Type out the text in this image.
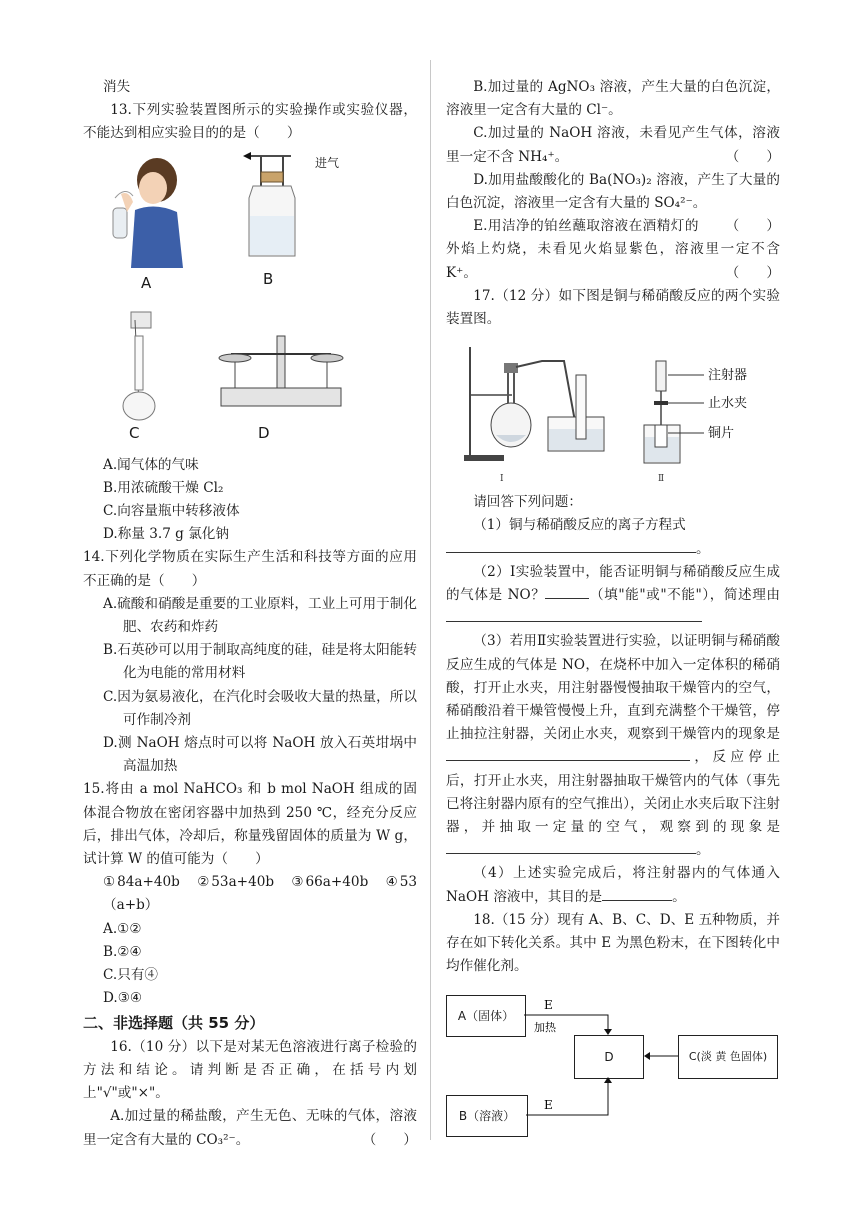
消失

13.下列实验装置图所示的实验操作或实验仪器，不能达到相应实验目的的是（　　）

A
进气
B
C	D

A.闻气体的气味

B.用浓硫酸干燥 Cl₂

C.向容量瓶中转移液体

D.称量 3.7 g 氯化钠

14.下列化学物质在实际生产生活和科技等方面的应用不正确的是（　　）

A.硫酸和硝酸是重要的工业原料，工业上可用于制化肥、农药和炸药

B.石英砂可以用于制取高纯度的硅，硅是将太阳能转化为电能的常用材料

C.因为氨易液化，在汽化时会吸收大量的热量，所以可作制冷剂

D.测 NaOH 熔点时可以将 NaOH 放入石英坩埚中高温加热

15.将由 a mol NaHCO₃ 和 b mol NaOH 组成的固体混合物放在密闭容器中加热到 250 ℃，经充分反应后，排出气体，冷却后，称量残留固体的质量为 W g，试计算 W 的值可能为（　　）

①84a+40b　②53a+40b　③66a+40b　④53（a+b）

A.①②

B.②④

C.只有④

D.③④

二、非选择题（共 55 分）

16.（10 分）以下是对某无色溶液进行离子检验的方法和结论。请判断是否正确，在括号内划上"√"或"×"。

A.加过量的稀盐酸，产生无色、无味的气体，溶液里一定含有大量的 CO₃²⁻。	（　　）

B.加过量的 AgNO₃ 溶液，产生大量的白色沉淀，溶液里一定含有大量的 Cl⁻。

C.加过量的 NaOH 溶液，未看见产生气体，溶液里一定不含 NH₄⁺。	（　　）

D.加用盐酸酸化的 Ba(NO₃)₂ 溶液，产生了大量的白色沉淀，溶液里一定含有大量的 SO₄²⁻。
（　　）

E.用洁净的铂丝蘸取溶液在酒精灯的外焰上灼烧，未看见火焰显紫色，溶液里一定不含 K⁺。	（　　）

17.（12 分）如下图是铜与稀硝酸反应的两个实验装置图。

Ⅰ
注射器
止水夹
铜片
Ⅱ

请回答下列问题：

（1）铜与稀硝酸反应的离子方程式

。

（2）Ⅰ实验装置中，能否证明铜与稀硝酸反应生成的气体是 NO？	（填"能"或"不能"），简述理由

（3）若用Ⅱ实验装置进行实验，以证明铜与稀硝酸反应生成的气体是 NO，在烧杯中加入一定体积的稀硝酸，打开止水夹，用注射器慢慢抽取干燥管内的空气，稀硝酸沿着干燥管慢慢上升，直到充满整个干燥管，停止抽拉注射器，关闭止水夹，观察到干燥管内的现象是，反应停止后，打开止水夹，用注射器抽取干燥管内的气体（事先已将注射器内原有的空气推出），关闭止水夹后取下注射器，并抽取一定量的空气，观察到的现象是。

（4）上述实验完成后，将注射器内的气体通入 NaOH 溶液中，其目的是	。

18.（15 分）现有 A、B、C、D、E 五种物质，并存在如下转化关系。其中 E 为黑色粉末，在下图转化中均作催化剂。

A（固体）
B（溶液）
D	C(淡 黄 色固体)
E
加热
E
